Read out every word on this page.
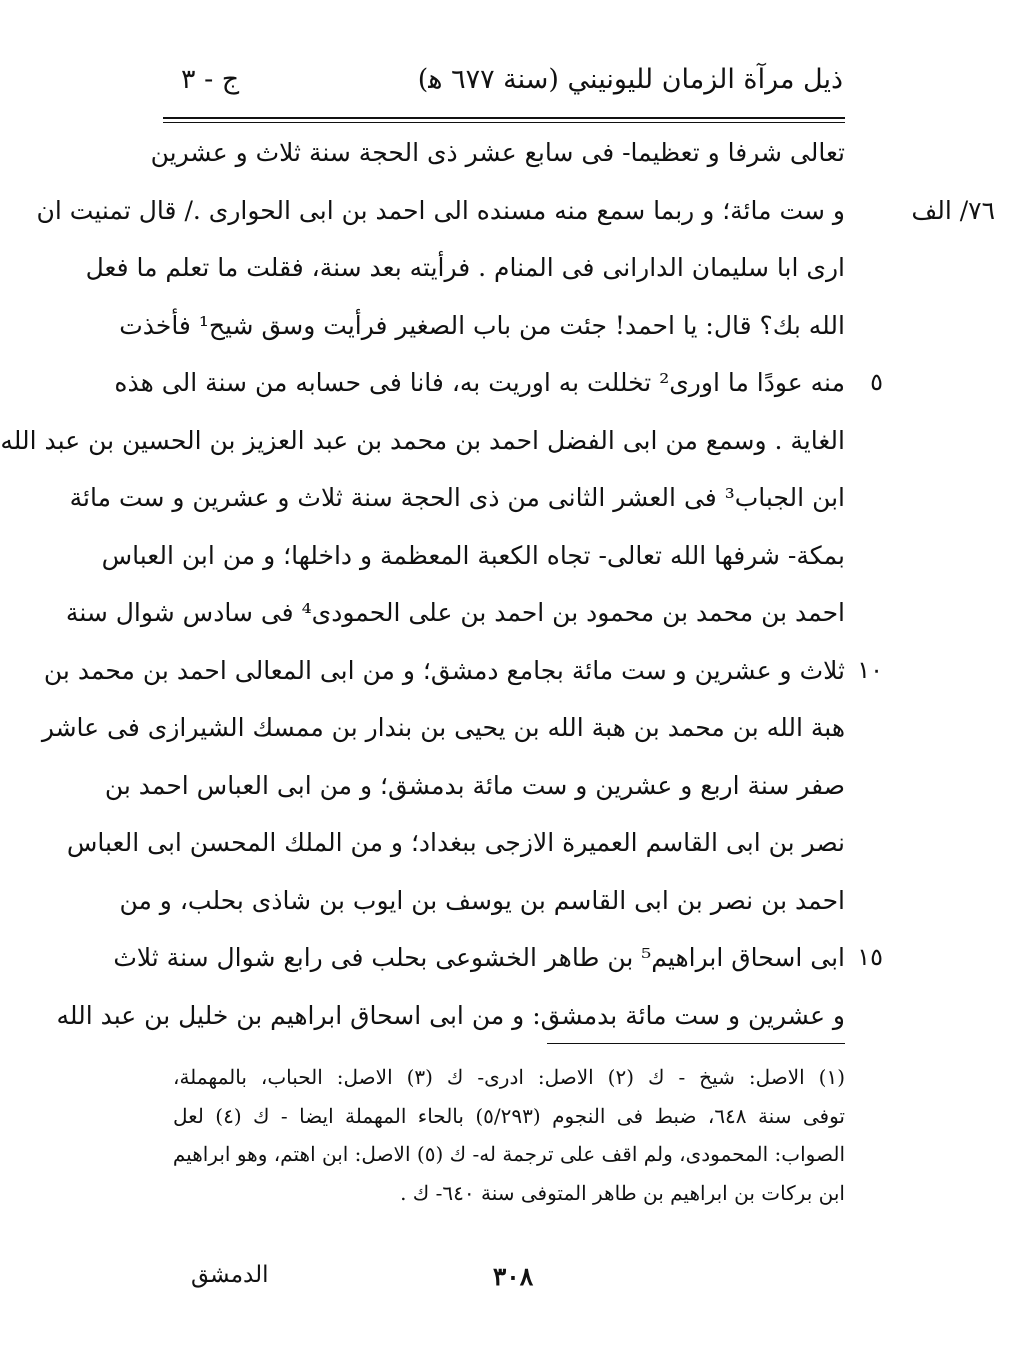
ذيل مرآة الزمان لليونيني (سنة ٦٧٧ ﻫ)
ج - ٣
٧٦/ الف
٥
١٠
١٥
تعالى شرفا و تعظيما- فى سابع عشر ذى الحجة سنة ثلاث و عشرين
و ست مائة؛ و ربما سمع منه مسنده الى احمد بن ابى الحوارى ./ قال تمنيت ان
ارى ابا سليمان الدارانى فى المنام . فرأيته بعد سنة، فقلت ما تعلم ما فعل
الله بك؟ قال: يا احمد! جئت من باب الصغير فرأيت وسق شيح¹ فأخذت
منه عودًا ما اورى² تخللت به اوريت به، فانا فى حسابه من سنة الى هذه
الغاية . وسمع من ابى الفضل احمد بن محمد بن عبد العزيز بن الحسين بن عبد الله
ابن الجباب³ فى العشر الثانى من ذى الحجة سنة ثلاث و عشرين و ست مائة
بمكة- شرفها الله تعالى- تجاه الكعبة المعظمة و داخلها؛ و من ابن العباس
احمد بن محمد بن محمود بن احمد بن على الحمودى⁴ فى سادس شوال سنة
ثلاث و عشرين و ست مائة بجامع دمشق؛ و من ابى المعالى احمد بن محمد بن
هبة الله بن محمد بن هبة الله بن يحيى بن بندار بن ممسك الشيرازى فى عاشر
صفر سنة اربع و عشرين و ست مائة بدمشق؛ و من ابى العباس احمد بن
نصر بن ابى القاسم العميرة الازجى ببغداد؛ و من الملك المحسن ابى العباس
احمد بن نصر بن ابى القاسم بن يوسف بن ايوب بن شاذى بحلب، و من
ابى اسحاق ابراهيم⁵ بن طاهر الخشوعى بحلب فى رابع شوال سنة ثلاث
و عشرين و ست مائة بدمشق: و من ابى اسحاق ابراهيم بن خليل بن عبد الله
(١) الاصل: شيخ - ك (٢) الاصل: ادرى- ك (٣) الاصل: الحباب، بالمهملة،
توفى سنة ٦٤٨، ضبط فى النجوم (٥/٢٩٣) بالحاء المهملة ايضا - ك (٤) لعل
الصواب: المحمودى، ولم اقف على ترجمة له- ك (٥) الاصل: ابن اهتم، وهو ابراهيم
ابن بركات بن ابراهيم بن طاهر المتوفى سنة ٦٤٠- ك .
٣٠٨
الدمشق
